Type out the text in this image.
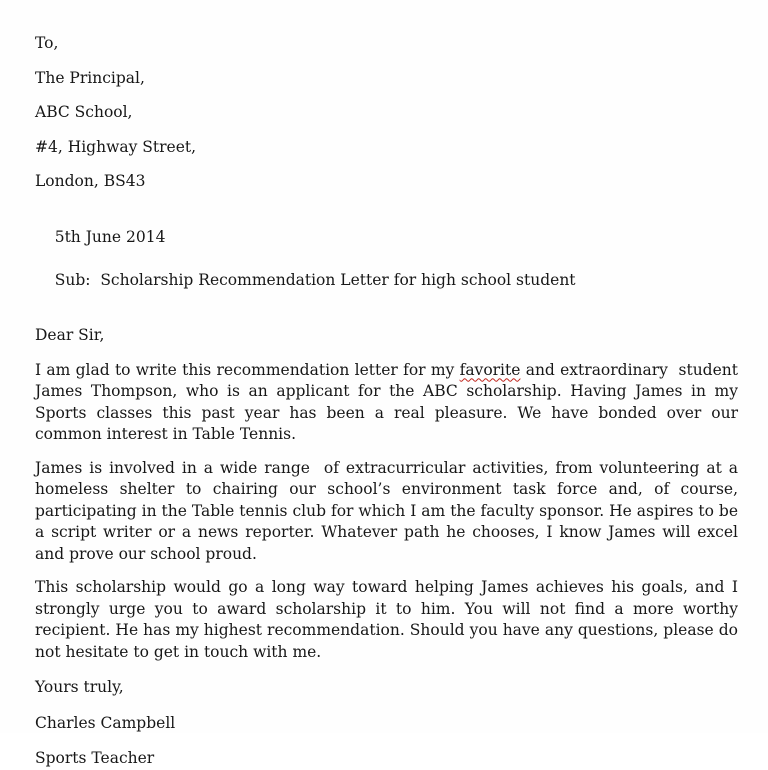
To,

The Principal,

ABC School,

#4, Highway Street,

London, BS43

5th June 2014

Sub:  Scholarship Recommendation Letter for high school student

Dear Sir,

I am glad to write this recommendation letter for my favorite and extraordinary  student James Thompson, who is an applicant for the ABC scholarship. Having James in my Sports classes this past year has been a real pleasure. We have bonded over our common interest in Table Tennis.

James is involved in a wide range  of extracurricular activities, from volunteering at a homeless shelter to chairing our school’s environment task force and, of course, participating in the Table tennis club for which I am the faculty sponsor. He aspires to be a script writer or a news reporter. Whatever path he chooses, I know James will excel and prove our school proud.

This scholarship would go a long way toward helping James achieves his goals, and I strongly urge you to award scholarship it to him. You will not find a more worthy recipient. He has my highest recommendation. Should you have any questions, please do not hesitate to get in touch with me.

Yours truly,

Charles Campbell

Sports Teacher
